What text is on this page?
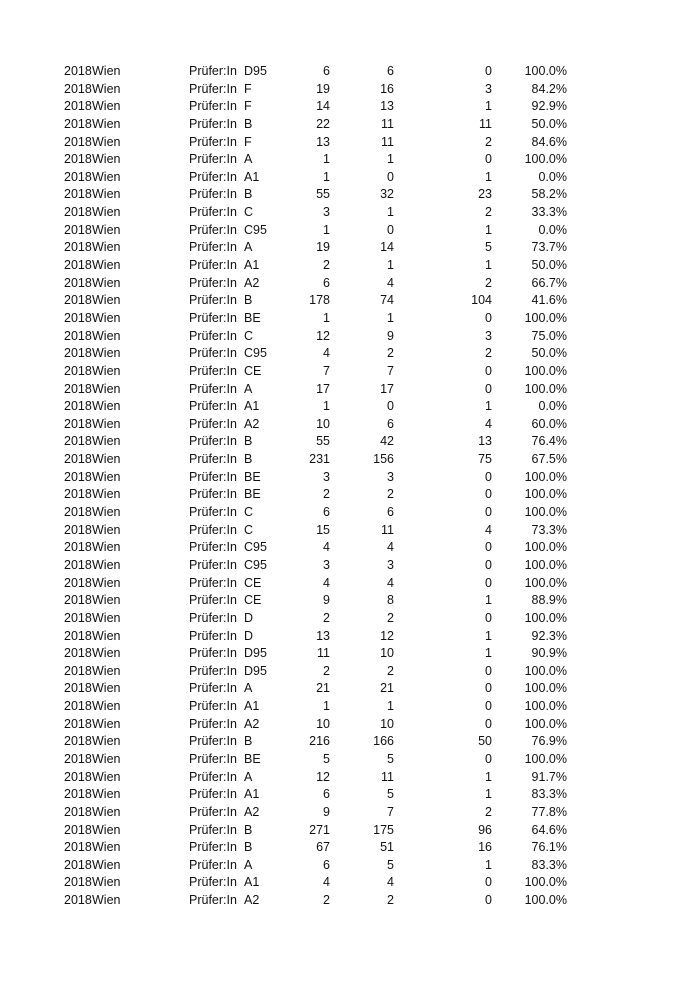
2018 Wien	Prüfer:In D95	6	6	0	100.0%
2018 Wien	Prüfer:In F	19	16	3	84.2%
2018 Wien	Prüfer:In F	14	13	1	92.9%
2018 Wien	Prüfer:In B	22	11	11	50.0%
2018 Wien	Prüfer:In F	13	11	2	84.6%
2018 Wien	Prüfer:In A	1	1	0	100.0%
2018 Wien	Prüfer:In A1	1	0	1	0.0%
2018 Wien	Prüfer:In B	55	32	23	58.2%
2018 Wien	Prüfer:In C	3	1	2	33.3%
2018 Wien	Prüfer:In C95	1	0	1	0.0%
2018 Wien	Prüfer:In A	19	14	5	73.7%
2018 Wien	Prüfer:In A1	2	1	1	50.0%
2018 Wien	Prüfer:In A2	6	4	2	66.7%
2018 Wien	Prüfer:In B	178	74	104	41.6%
2018 Wien	Prüfer:In BE	1	1	0	100.0%
2018 Wien	Prüfer:In C	12	9	3	75.0%
2018 Wien	Prüfer:In C95	4	2	2	50.0%
2018 Wien	Prüfer:In CE	7	7	0	100.0%
2018 Wien	Prüfer:In A	17	17	0	100.0%
2018 Wien	Prüfer:In A1	1	0	1	0.0%
2018 Wien	Prüfer:In A2	10	6	4	60.0%
2018 Wien	Prüfer:In B	55	42	13	76.4%
2018 Wien	Prüfer:In B	231	156	75	67.5%
2018 Wien	Prüfer:In BE	3	3	0	100.0%
2018 Wien	Prüfer:In BE	2	2	0	100.0%
2018 Wien	Prüfer:In C	6	6	0	100.0%
2018 Wien	Prüfer:In C	15	11	4	73.3%
2018 Wien	Prüfer:In C95	4	4	0	100.0%
2018 Wien	Prüfer:In C95	3	3	0	100.0%
2018 Wien	Prüfer:In CE	4	4	0	100.0%
2018 Wien	Prüfer:In CE	9	8	1	88.9%
2018 Wien	Prüfer:In D	2	2	0	100.0%
2018 Wien	Prüfer:In D	13	12	1	92.3%
2018 Wien	Prüfer:In D95	11	10	1	90.9%
2018 Wien	Prüfer:In D95	2	2	0	100.0%
2018 Wien	Prüfer:In A	21	21	0	100.0%
2018 Wien	Prüfer:In A1	1	1	0	100.0%
2018 Wien	Prüfer:In A2	10	10	0	100.0%
2018 Wien	Prüfer:In B	216	166	50	76.9%
2018 Wien	Prüfer:In BE	5	5	0	100.0%
2018 Wien	Prüfer:In A	12	11	1	91.7%
2018 Wien	Prüfer:In A1	6	5	1	83.3%
2018 Wien	Prüfer:In A2	9	7	2	77.8%
2018 Wien	Prüfer:In B	271	175	96	64.6%
2018 Wien	Prüfer:In B	67	51	16	76.1%
2018 Wien	Prüfer:In A	6	5	1	83.3%
2018 Wien	Prüfer:In A1	4	4	0	100.0%
2018 Wien	Prüfer:In A2	2	2	0	100.0%
